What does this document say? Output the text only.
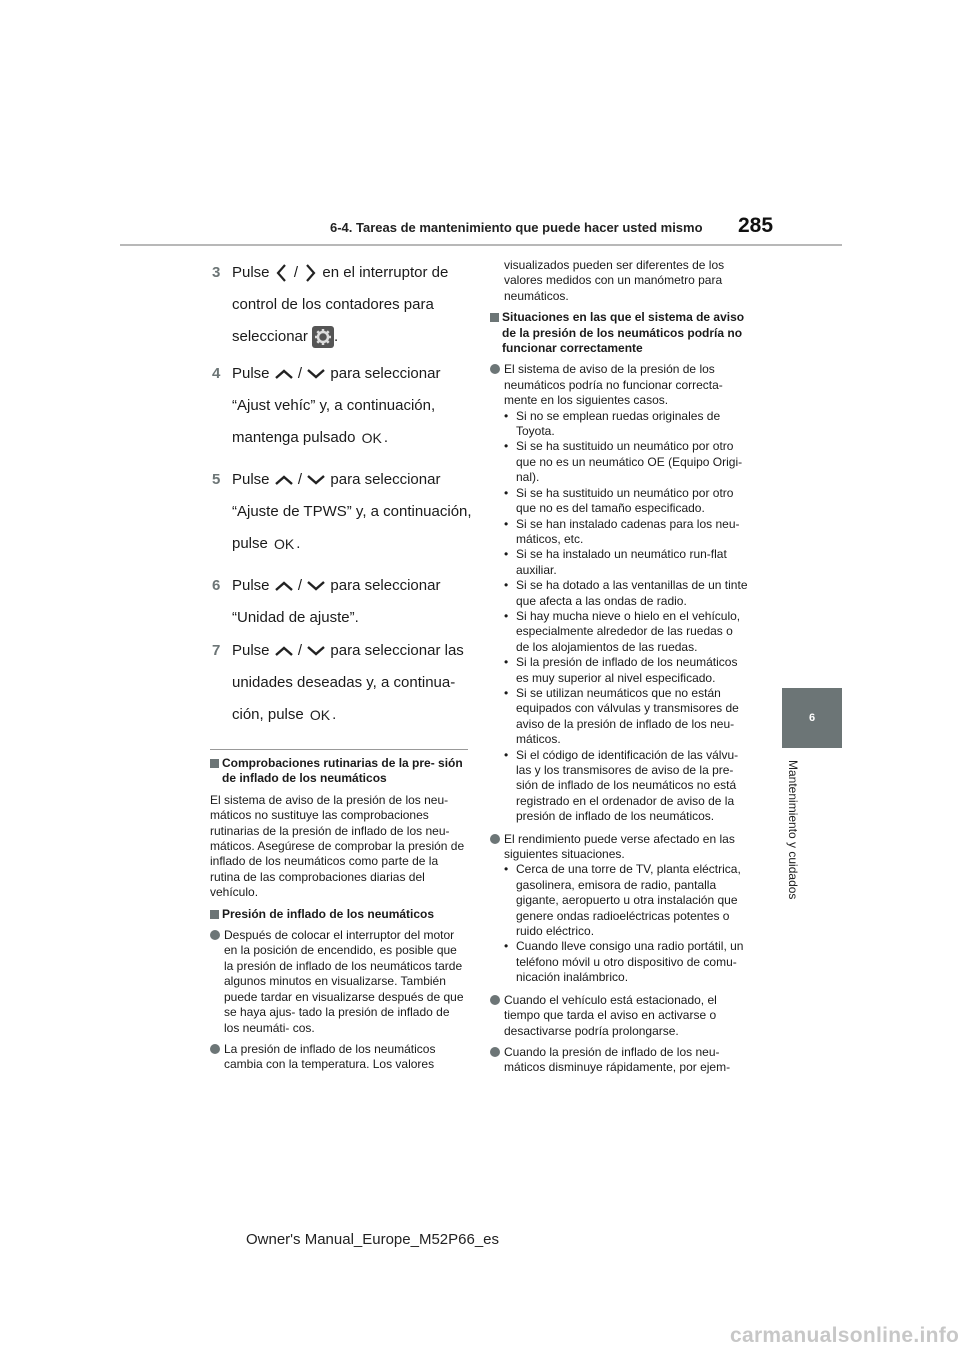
6-4. Tareas de mantenimiento que puede hacer usted mismo 285
6
Mantenimiento y cuidados
3 Pulse / en el interruptor de control de los contadores para seleccionar .
4 Pulse / para seleccionar “Ajust vehíc” y, a continuación, mantenga pulsado OK .
5 Pulse / para seleccionar “Ajuste de TPWS” y, a continuación, pulse OK .
6 Pulse / para seleccionar “Unidad de ajuste”.
7 Pulse / para seleccionar las unidades deseadas y, a continua- ción, pulse OK .
Comprobaciones rutinarias de la pre- sión de inflado de los neumáticos

El sistema de aviso de la presión de los neu- máticos no sustituye las comprobaciones rutinarias de la presión de inflado de los neu- máticos. Asegúrese de comprobar la presión de inflado de los neumáticos como parte de la rutina de las comprobaciones diarias del vehículo.

Presión de inflado de los neumáticos
Después de colocar el interruptor del motor en la posición de encendido, es posible que la presión de inflado de los neumáticos tarde algunos minutos en visualizarse. También puede tardar en visualizarse después de que se haya ajus- tado la presión de inflado de los neumáti- cos.
La presión de inflado de los neumáticos cambia con la temperatura. Los valores

visualizados pueden ser diferentes de los valores medidos con un manómetro para neumáticos.

Situaciones en las que el sistema de aviso de la presión de los neumáticos podría no funcionar correctamente
El sistema de aviso de la presión de los neumáticos podría no funcionar correcta- mente en los siguientes casos.
• Si no se emplean ruedas originales de Toyota.
• Si se ha sustituido un neumático por otro que no es un neumático OE (Equipo Origi- nal).
• Si se ha sustituido un neumático por otro que no es del tamaño especificado.
• Si se han instalado cadenas para los neu- máticos, etc.
• Si se ha instalado un neumático run-flat auxiliar.
• Si se ha dotado a las ventanillas de un tinte que afecta a las ondas de radio.
• Si hay mucha nieve o hielo en el vehículo, especialmente alrededor de las ruedas o de los alojamientos de las ruedas.
• Si la presión de inflado de los neumáticos es muy superior al nivel especificado.
• Si se utilizan neumáticos que no están equipados con válvulas y transmisores de aviso de la presión de inflado de los neu- máticos.
• Si el código de identificación de las válvu- las y los transmisores de aviso de la pre- sión de inflado de los neumáticos no está registrado en el ordenador de aviso de la presión de inflado de los neumáticos.
El rendimiento puede verse afectado en las siguientes situaciones.
• Cerca de una torre de TV, planta eléctrica, gasolinera, emisora de radio, pantalla gigante, aeropuerto u otra instalación que genere ondas radioeléctricas potentes o ruido eléctrico.
• Cuando lleve consigo una radio portátil, un teléfono móvil u otro dispositivo de comu- nicación inalámbrico.
Cuando el vehículo está estacionado, el tiempo que tarda el aviso en activarse o desactivarse podría prolongarse.
Cuando la presión de inflado de los neu- máticos disminuye rápidamente, por ejem-
Owner's Manual_Europe_M52P66_es
carmanualsonline.info
